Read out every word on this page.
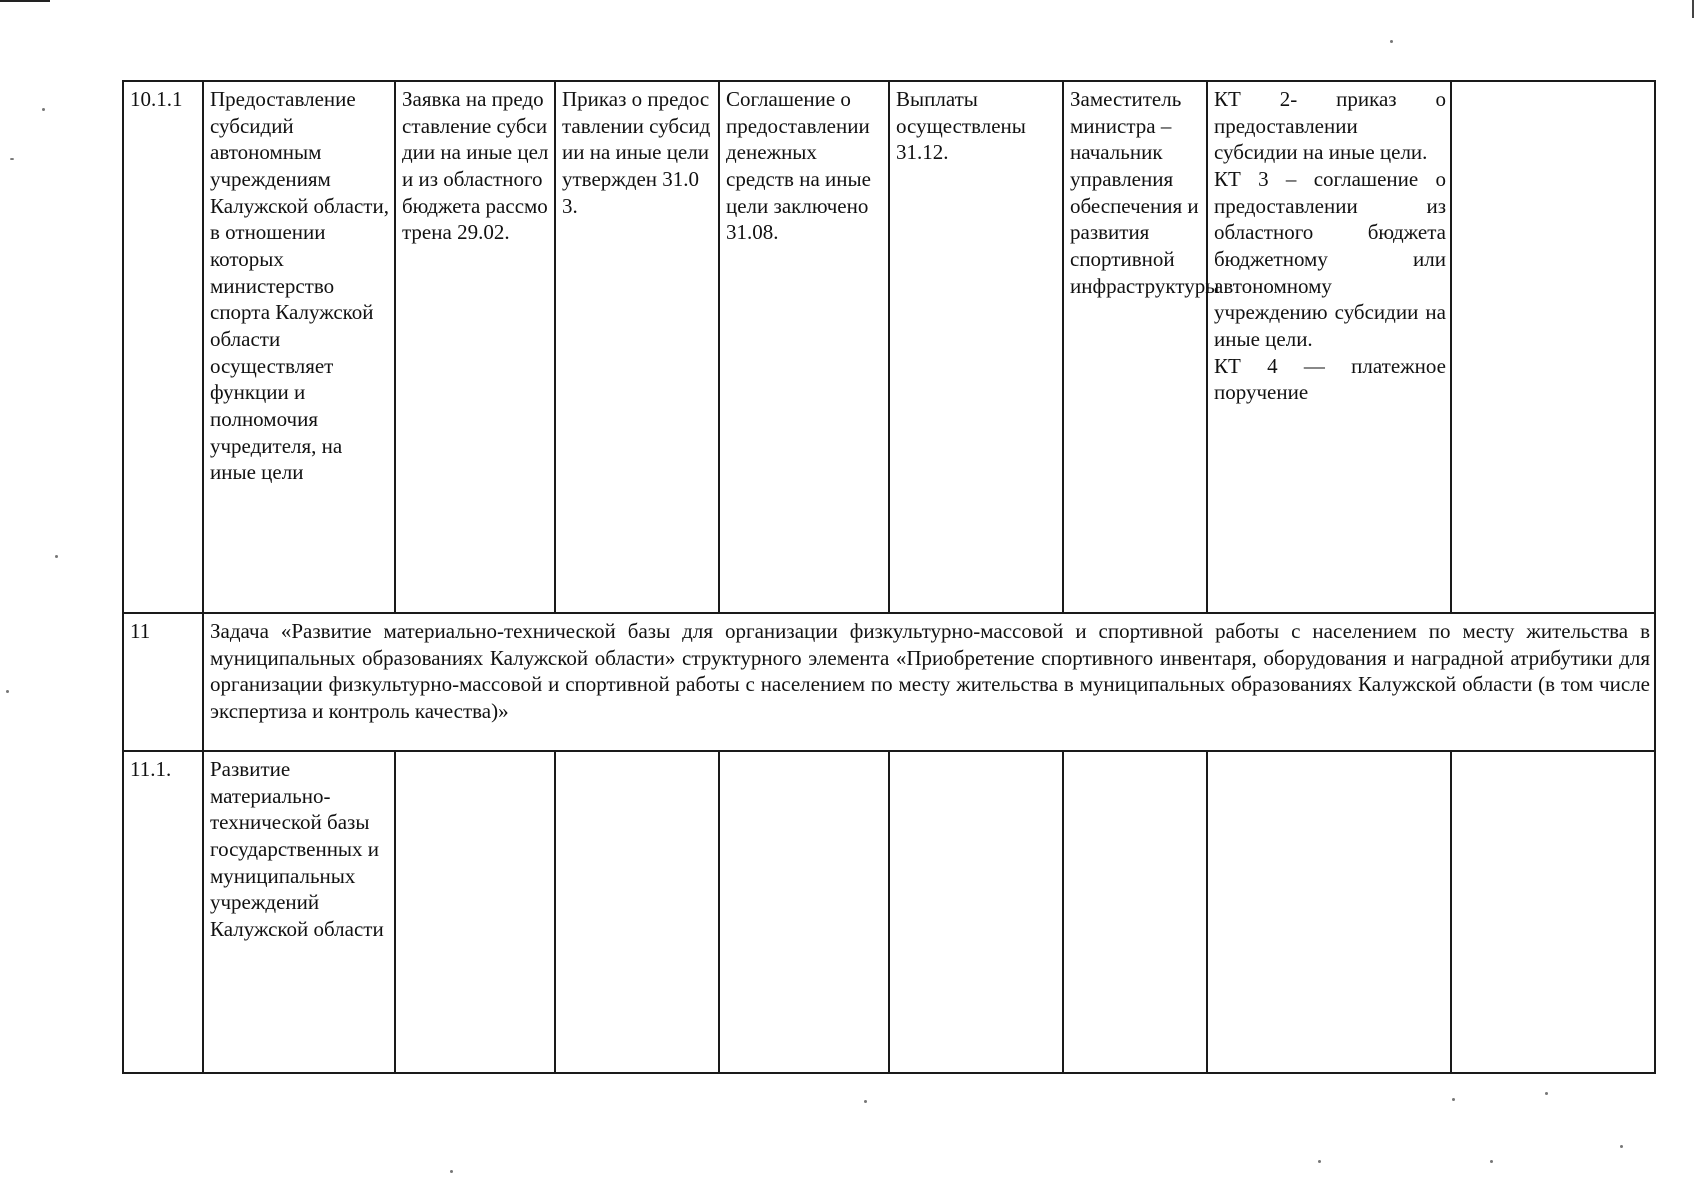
10.1.1	Предоставление субсидий автономным учреждениям Калужской области, в отношении которых министерство спорта Калужской области осуществляет функции и полномочия учредителя, на иные цели	Заявка на предоставление субсидии на иные цели из областного бюджета рассмотрена 29.02.	Приказ о предоставлении субсидии на иные цели утвержден 31.03.	Соглашение о предоставлении денежных средств на иные цели заключено 31.08.	Выплаты осуществлены 31.12.	Заместитель министра – начальник управления обеспечения и развития спортивной инфраструктуры	КТ 2- приказ о предоставлении субсидии на иные цели.
КТ 3 – соглашение о предоставлении из областного бюджета бюджетному или автономному учреждению субсидии на иные цели.
КТ 4 — платежное поручение	

11	Задача «Развитие материально-технической базы для организации физкультурно-массовой и спортивной работы с населением по месту жительства в муниципальных образованиях Калужской области» структурного элемента «Приобретение спортивного инвентаря, оборудования и наградной атрибутики для организации физкультурно-массовой и спортивной работы с населением по месту жительства в муниципальных образованиях Калужской области (в том числе экспертиза и контроль качества)»							
11.1.	Развитие материально-технической базы государственных и муниципальных учреждений Калужской области							
